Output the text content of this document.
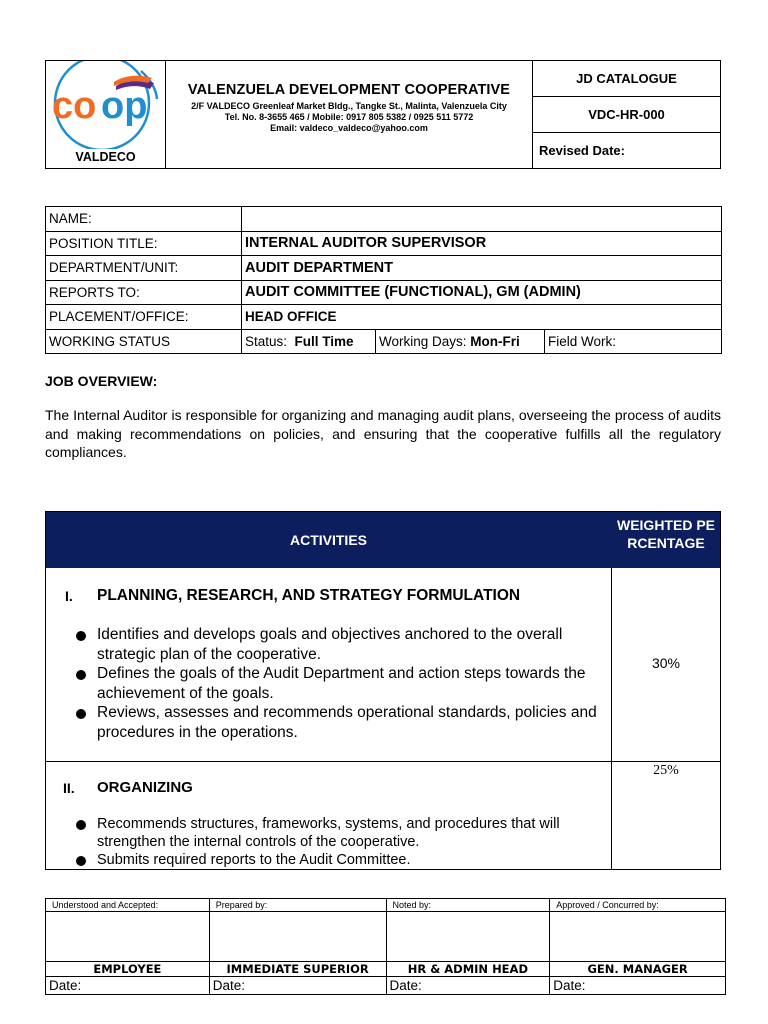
co op
VALDECO
VALENZUELA DEVELOPMENT COOPERATIVE
2/F VALDECO Greenleaf Market Bldg., Tangke St., Malinta, Valenzuela City
Tel. No. 8-3655 465 / Mobile: 0917 805 5382 / 0925 511 5772
Email: valdeco_valdeco@yahoo.com
JD CATALOGUE
VDC-HR-000
Revised Date:
NAME:			
POSITION TITLE:	INTERNAL AUDITOR SUPERVISOR		
DEPARTMENT/UNIT:	AUDIT DEPARTMENT		
REPORTS TO:	AUDIT COMMITTEE (FUNCTIONAL), GM (ADMIN)		
PLACEMENT/OFFICE:	HEAD OFFICE		
WORKING STATUS	Status: Full Time	Working Days: Mon-Fri	Field Work:
JOB OVERVIEW:
The Internal Auditor is responsible for organizing and managing audit plans, overseeing the process of audits and making recommendations on policies, and ensuring that the cooperative fulfills all the regulatory compliances.
ACTIVITIES
WEIGHTED PERCENTAGE
I. PLANNING, RESEARCH, AND STRATEGY FORMULATION
Identifies and develops goals and objectives anchored to the overall strategic plan of the cooperative.
Defines the goals of the Audit Department and action steps towards the achievement of the goals.
Reviews, assesses and recommends operational standards, policies and procedures in the operations.
30%
II. ORGANIZING
Recommends structures, frameworks, systems, and procedures that will strengthen the internal controls of the cooperative.
Submits required reports to the Audit Committee.
25%
Understood and Accepted:	Prepared by:	Noted by:	Approved / Concurred by:

EMPLOYEE	IMMEDIATE SUPERIOR	HR & ADMIN HEAD	GEN. MANAGER
Date:	Date:	Date:	Date:
